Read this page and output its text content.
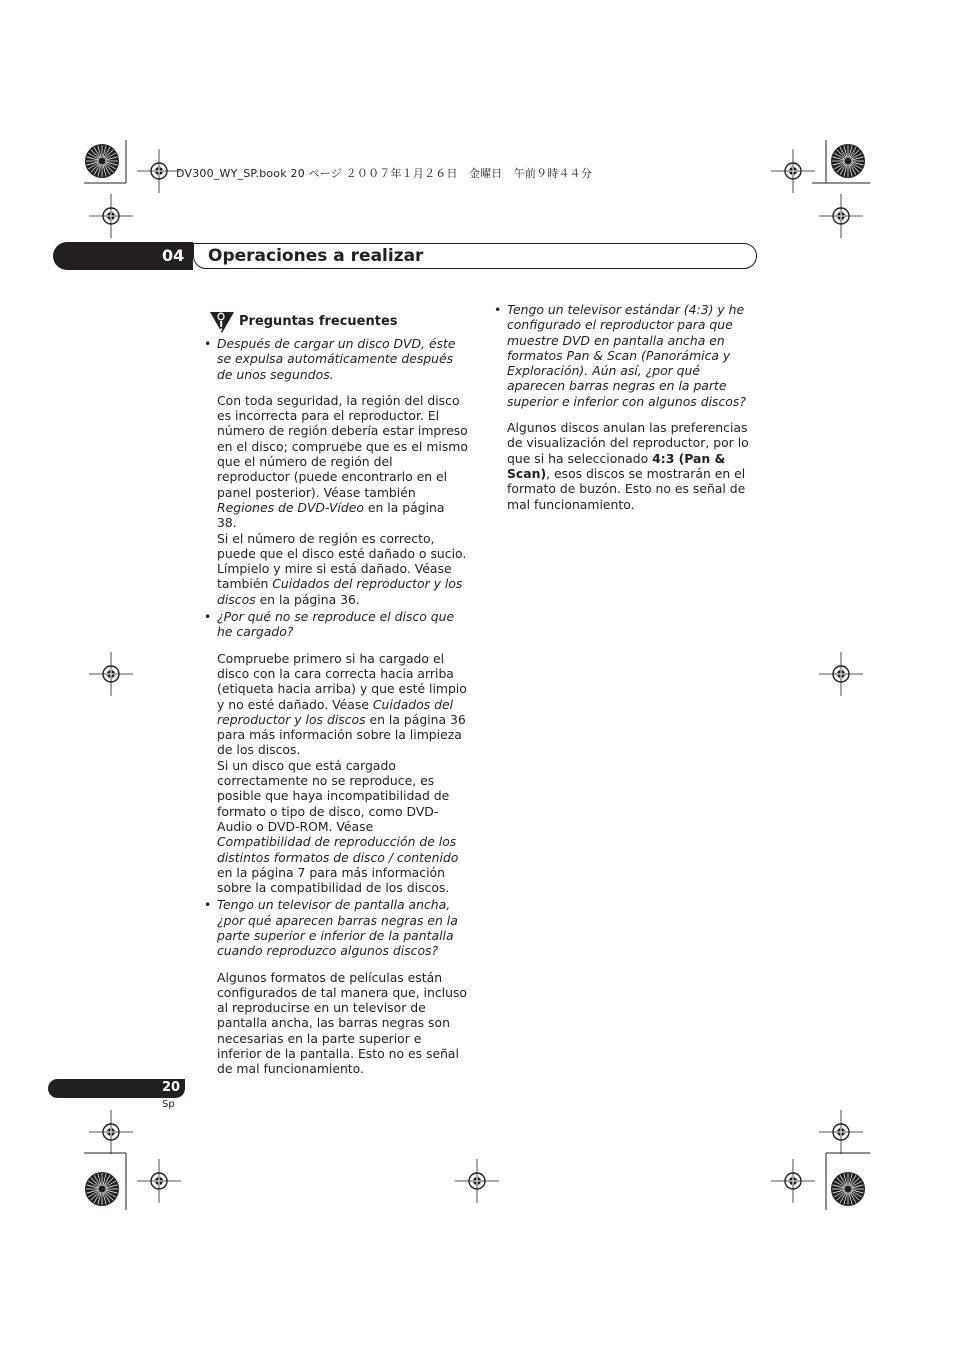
DV300_WY_SP.book 20 ページ ２００７年１月２６日　金曜日　午前９時４４分
04 Operaciones a realizar
Preguntas frecuentes
• Después de cargar un disco DVD, éste se expulsa automáticamente después de unos segundos.

Con toda seguridad, la región del disco es incorrecta para el reproductor. El número de región debería estar impreso en el disco; compruebe que es el mismo que el número de región del reproductor (puede encontrarlo en el panel posterior). Véase también Regiones de DVD-Vídeo en la página 38.

Si el número de región es correcto, puede que el disco esté dañado o sucio. Límpielo y mire si está dañado. Véase también Cuidados del reproductor y los discos en la página 36.

• ¿Por qué no se reproduce el disco que he cargado?

Compruebe primero si ha cargado el disco con la cara correcta hacia arriba (etiqueta hacia arriba) y que esté limpio y no esté dañado. Véase Cuidados del reproductor y los discos en la página 36 para más información sobre la limpieza de los discos.

Si un disco que está cargado correctamente no se reproduce, es posible que haya incompatibilidad de formato o tipo de disco, como DVD-Audio o DVD-ROM. Véase Compatibilidad de reproducción de los distintos formatos de disco / contenido en la página 7 para más información sobre la compatibilidad de los discos.

• Tengo un televisor de pantalla ancha, ¿por qué aparecen barras negras en la parte superior e inferior de la pantalla cuando reproduzco algunos discos?

Algunos formatos de películas están configurados de tal manera que, incluso al reproducirse en un televisor de pantalla ancha, las barras negras son necesarias en la parte superior e inferior de la pantalla. Esto no es señal de mal funcionamiento.

• Tengo un televisor estándar (4:3) y he configurado el reproductor para que muestre DVD en pantalla ancha en formatos Pan & Scan (Panorámica y Exploración). Aún así, ¿por qué aparecen barras negras en la parte superior e inferior con algunos discos?

Algunos discos anulan las preferencias de visualización del reproductor, por lo que si ha seleccionado 4:3 (Pan & Scan), esos discos se mostrarán en el formato de buzón. Esto no es señal de mal funcionamiento.

20
Sp
